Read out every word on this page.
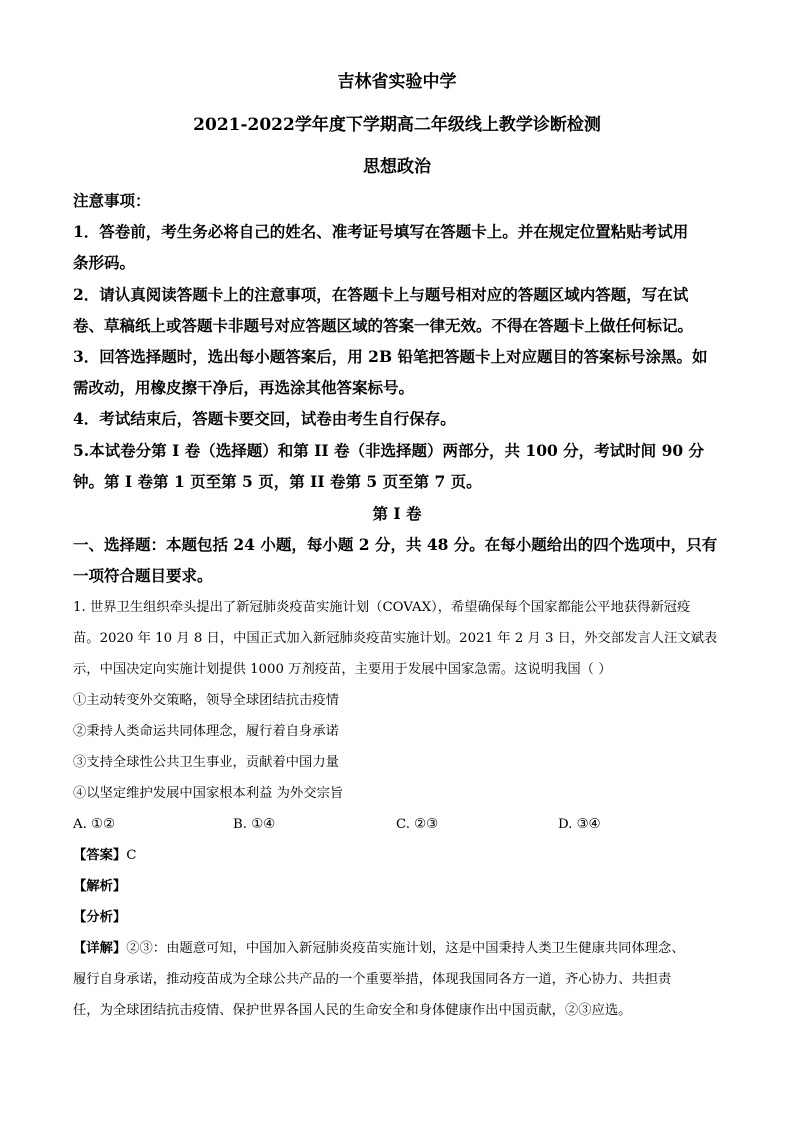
吉林省实验中学
2021-2022学年度下学期高二年级线上教学诊断检测
思想政治
注意事项：
1．答卷前，考生务必将自己的姓名、准考证号填写在答题卡上。并在规定位置粘贴考试用
条形码。
2．请认真阅读答题卡上的注意事项，在答题卡上与题号相对应的答题区域内答题，写在试
卷、草稿纸上或答题卡非题号对应答题区域的答案一律无效。不得在答题卡上做任何标记。
3．回答选择题时，选出每小题答案后，用 2B 铅笔把答题卡上对应题目的答案标号涂黑。如
需改动，用橡皮擦干净后，再选涂其他答案标号。
4．考试结束后，答题卡要交回，试卷由考生自行保存。
5.本试卷分第 I 卷（选择题）和第 II 卷（非选择题）两部分，共 100 分，考试时间 90 分
钟。第 I 卷第 1 页至第 5 页，第 II 卷第 5 页至第 7 页。
第 I 卷
一、选择题：本题包括 24 小题，每小题 2 分，共 48 分。在每小题给出的四个选项中，只有
一项符合题目要求。
1. 世界卫生组织牵头提出了新冠肺炎疫苗实施计划（COVAX），希望确保每个国家都能公平地获得新冠疫
苗。2020 年 10 月 8 日，中国正式加入新冠肺炎疫苗实施计划。2021 年 2 月 3 日，外交部发言人汪文斌表
示，中国决定向实施计划提供 1000 万剂疫苗，主要用于发展中国家急需。这说明我国（ ）
①主动转变外交策略，领导全球团结抗击疫情
②秉持人类命运共同体理念，履行着自身承诺
③支持全球性公共卫生事业，贡献着中国力量
④以坚定维护发展中国家根本利益 为外交宗旨
A. ①②	B. ①④	C. ②③	D. ③④
【答案】C
【解析】
【分析】
【详解】②③：由题意可知，中国加入新冠肺炎疫苗实施计划，这是中国秉持人类卫生健康共同体理念、
履行自身承诺，推动疫苗成为全球公共产品的一个重要举措，体现我国同各方一道，齐心协力、共担责
任，为全球团结抗击疫情、保护世界各国人民的生命安全和身体健康作出中国贡献，②③应选。
